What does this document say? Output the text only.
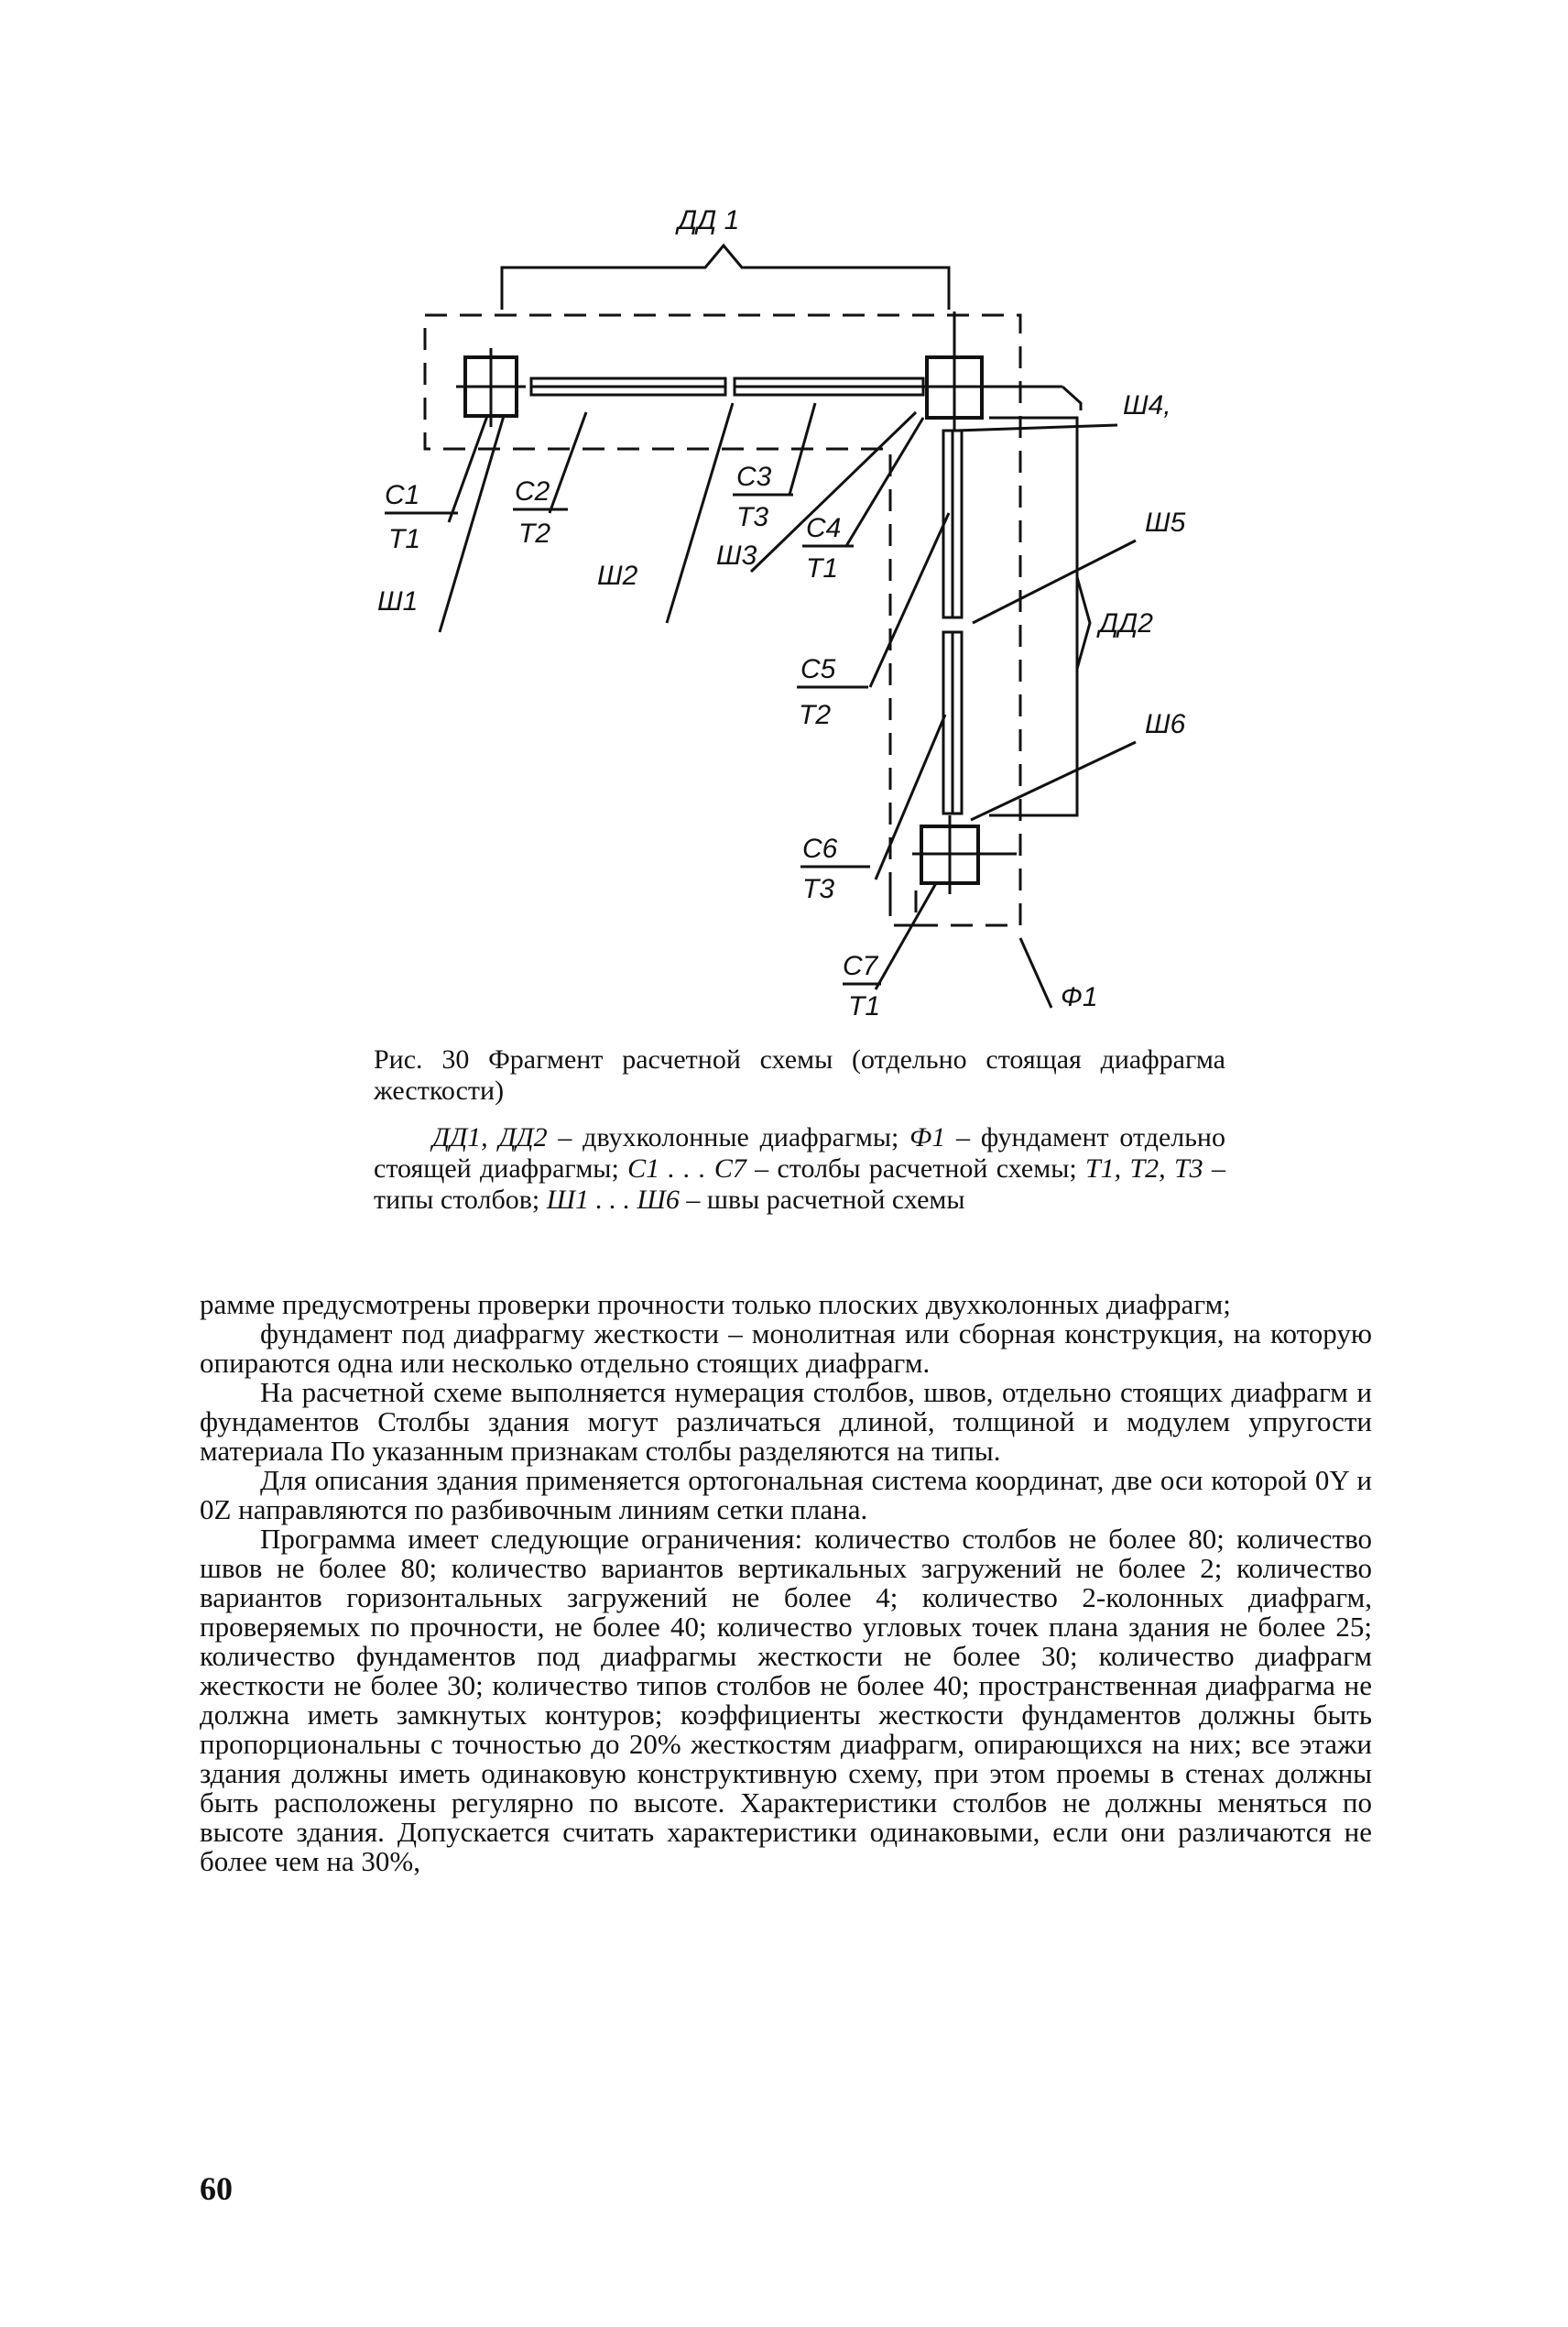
ДД 1
ДД2
С1
Т1
С2
Т2
С3
Т3 С4
Т1
С5
Т2
С6
Т3
С7
Т1
Ш1
Ш2
Ш3
Ш4,
Ш5
Ш6
Ф1

Рис. 30 Фрагмент расчетной схемы (отдельно стоящая диафрагма жесткости)

ДД1, ДД2 – двухколонные диафрагмы; Ф1 – фундамент отдельно стоящей диафрагмы; С1 . . . С7 – столбы расчетной схемы; Т1, Т2, Т3 – типы столбов; Ш1 . . . Ш6 – швы расчетной схемы

рамме предусмотрены проверки прочности только плоских двухколонных диафрагм;

фундамент под диафрагму жесткости – монолитная или сборная конструкция, на которую опираются одна или несколько отдельно стоящих диафрагм.

На расчетной схеме выполняется нумерация столбов, швов, отдельно стоящих диафрагм и фундаментов Столбы здания могут различаться длиной, толщиной и модулем упругости материала По указанным признакам столбы разделяются на типы.

Для описания здания применяется ортогональная система координат, две оси которой 0Y и 0Z направляются по разбивочным линиям сетки плана.

Программа имеет следующие ограничения: количество столбов не более 80; количество швов не более 80; количество вариантов вертикальных загружений не более 2; количество вариантов горизонтальных загружений не более 4; количество 2-колонных диафрагм, проверяемых по прочности, не более 40; количество угловых точек плана здания не более 25; количество фундаментов под диафрагмы жесткости не более 30; количество диафрагм жесткости не более 30; количество типов столбов не более 40; пространственная диафрагма не должна иметь замкнутых контуров; коэффициенты жесткости фундаментов должны быть пропорциональны с точностью до 20% жесткостям диафрагм, опирающихся на них; все этажи здания должны иметь одинаковую конструктивную схему, при этом проемы в стенах должны быть расположены регулярно по высоте. Характеристики столбов не должны меняться по высоте здания. Допускается считать характеристики одинаковыми, если они различаются не более чем на 30%,

60
